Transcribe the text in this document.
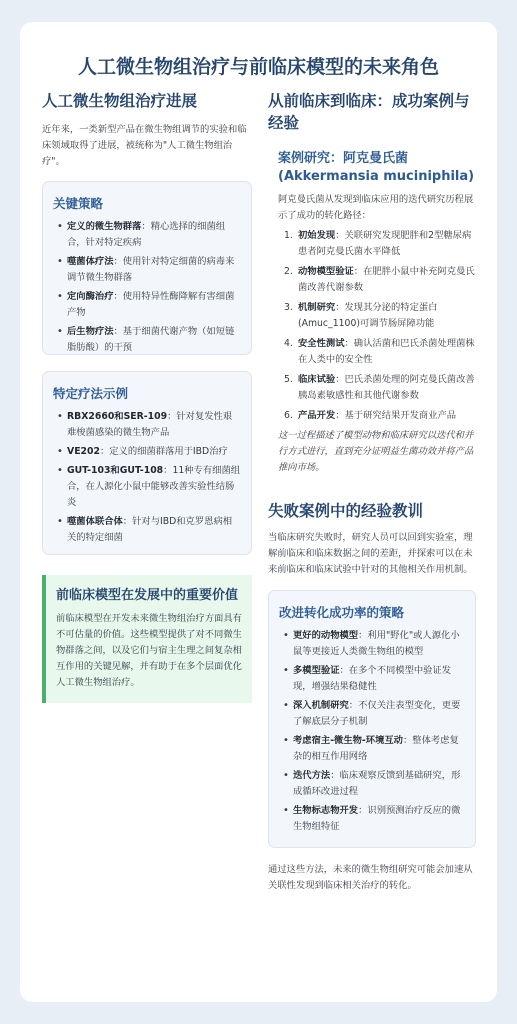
人工微生物组治疗与前临床模型的未来角色
人工微生物组治疗进展

近年来，一类新型产品在微生物组调节的实验和临床领域取得了进展，被统称为"人工微生物组治疗"。

关键策略
• 定义的微生物群落：精心选择的细菌组合，针对特定疾病
• 噬菌体疗法：使用针对特定细菌的病毒来调节微生物群落
• 定向酶治疗：使用特异性酶降解有害细菌产物
• 后生物疗法：基于细菌代谢产物（如短链脂肪酸）的干预
特定疗法示例
• RBX2660和SER-109：针对复发性艰难梭菌感染的微生物产品
• VE202：定义的细菌群落用于IBD治疗
• GUT-103和GUT-108：11种专有细菌组合，在人源化小鼠中能够改善实验性结肠炎
• 噬菌体联合体：针对与IBD和克罗恩病相关的特定细菌
前临床模型在发展中的重要价值

前临床模型在开发未来微生物组治疗方面具有不可估量的价值。这些模型提供了对不同微生物群落之间，以及它们与宿主生理之间复杂相互作用的关键见解，并有助于在多个层面优化人工微生物组治疗。

从前临床到临床：成功案例与经验
案例研究：阿克曼氏菌 (Akkermansia muciniphila)

阿克曼氏菌从发现到临床应用的迭代研究历程展示了成功的转化路径：

1. 初始发现：关联研究发现肥胖和2型糖尿病患者阿克曼氏菌水平降低
2. 动物模型验证：在肥胖小鼠中补充阿克曼氏菌改善代谢参数
3. 机制研究：发现其分泌的特定蛋白(Amuc_1100)可调节肠屏障功能
4. 安全性测试：确认活菌和巴氏杀菌处理菌株在人类中的安全性
5. 临床试验：巴氏杀菌处理的阿克曼氏菌改善胰岛素敏感性和其他代谢参数
6. 产品开发：基于研究结果开发商业产品

这一过程描述了模型动物和临床研究以迭代和并行方式进行，直到充分证明益生菌功效并将产品推向市场。

失败案例中的经验教训

当临床研究失败时，研究人员可以回到实验室，理解前临床和临床数据之间的差距，并探索可以在未来前临床和临床试验中针对的其他相关作用机制。

改进转化成功率的策略
• 更好的动物模型：利用"野化"或人源化小鼠等更接近人类微生物组的模型
• 多模型验证：在多个不同模型中验证发现，增强结果稳健性
• 深入机制研究：不仅关注表型变化，更要了解底层分子机制
• 考虑宿主-微生物-环境互动：整体考虑复杂的相互作用网络
• 迭代方法：临床观察反馈到基础研究，形成循环改进过程
• 生物标志物开发：识别预测治疗反应的微生物组特征

通过这些方法，未来的微生物组研究可能会加速从关联性发现到临床相关治疗的转化。
